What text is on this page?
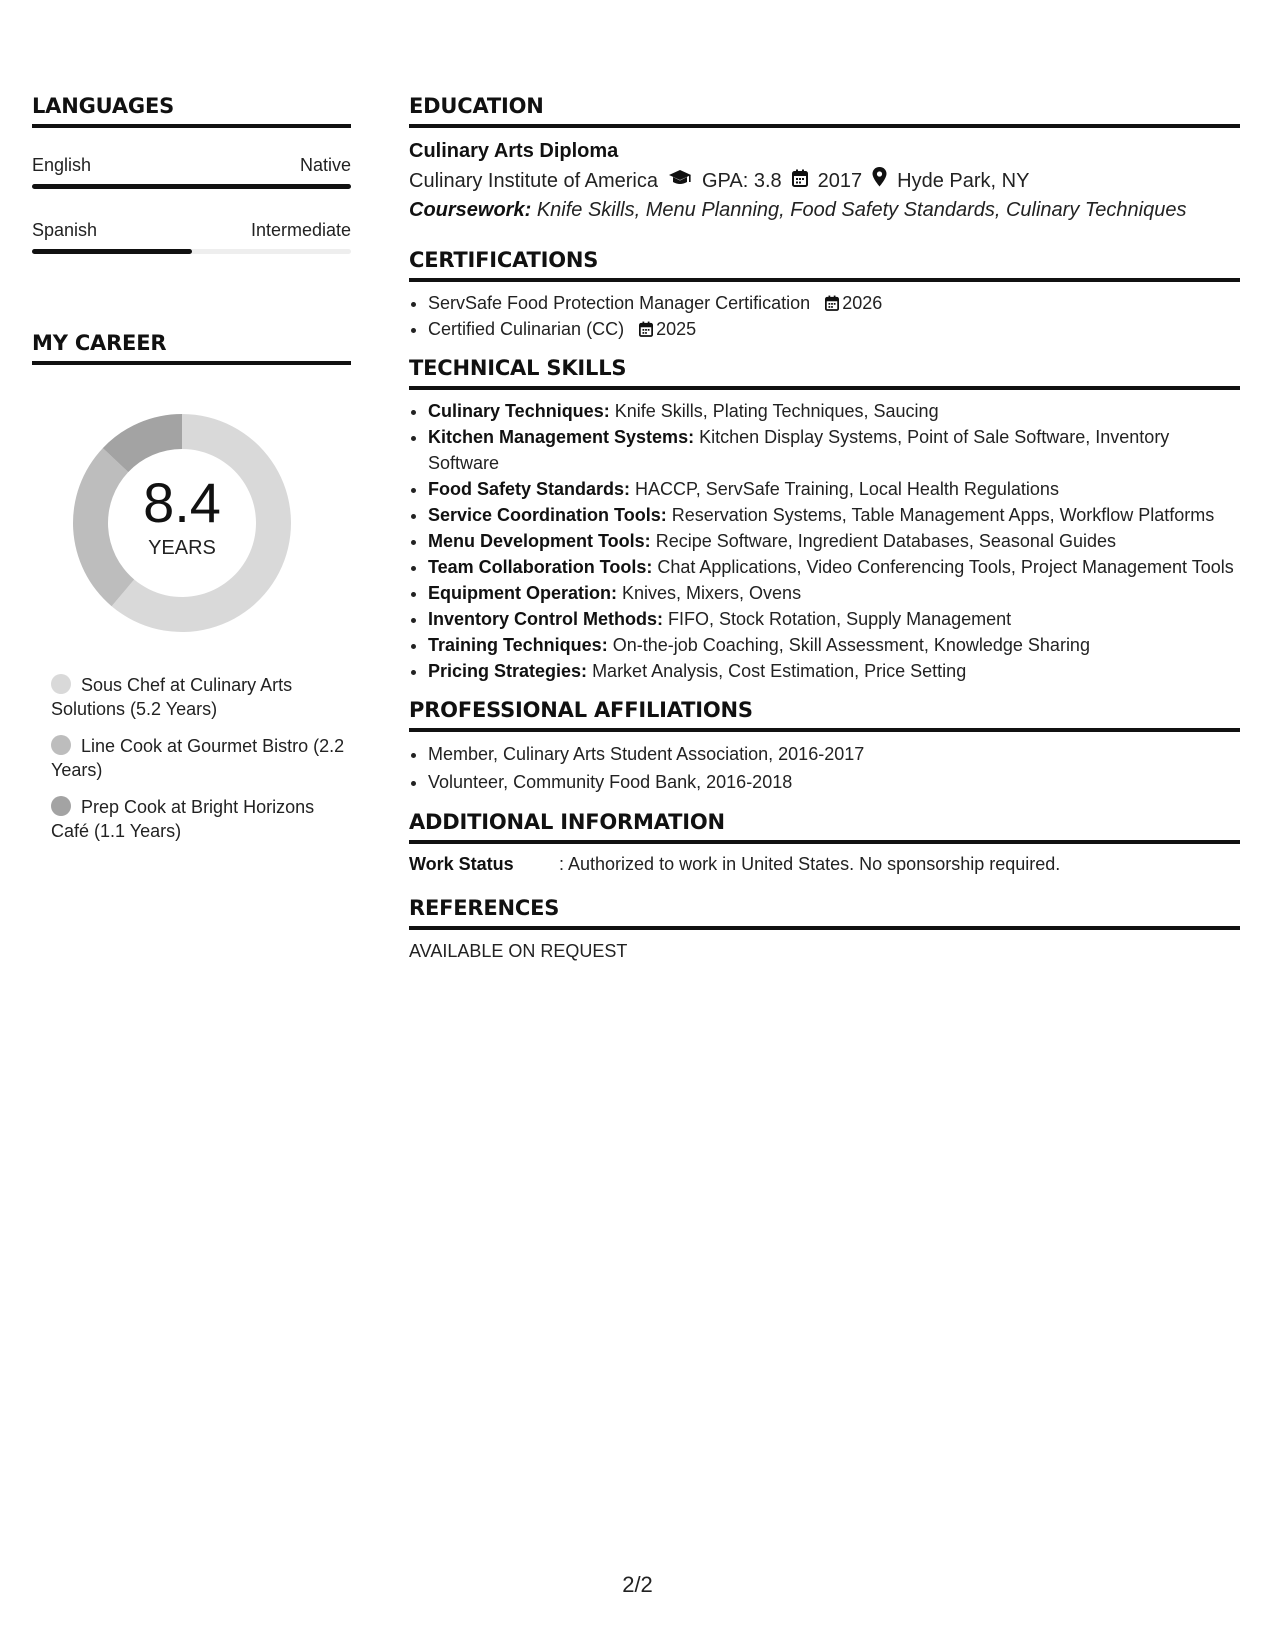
LANGUAGES
English	Native
Spanish	Intermediate
MY CAREER
8.4
YEARS
Sous Chef at Culinary Arts Solutions (5.2 Years)
Line Cook at Gourmet Bistro (2.2 Years)
Prep Cook at Bright Horizons Café (1.1 Years)
EDUCATION
Culinary Arts Diploma
Culinary Institute of America GPA: 3.8 2017 Hyde Park, NY
Coursework: Knife Skills, Menu Planning, Food Safety Standards, Culinary Techniques
CERTIFICATIONS
• ServSafe Food Protection Manager Certification 2026
• Certified Culinarian (CC) 2025
TECHNICAL SKILLS
• Culinary Techniques: Knife Skills, Plating Techniques, Saucing
• Kitchen Management Systems: Kitchen Display Systems, Point of Sale Software, Inventory Software
• Food Safety Standards: HACCP, ServSafe Training, Local Health Regulations
• Service Coordination Tools: Reservation Systems, Table Management Apps, Workflow Platforms
• Menu Development Tools: Recipe Software, Ingredient Databases, Seasonal Guides
• Team Collaboration Tools: Chat Applications, Video Conferencing Tools, Project Management Tools
• Equipment Operation: Knives, Mixers, Ovens
• Inventory Control Methods: FIFO, Stock Rotation, Supply Management
• Training Techniques: On-the-job Coaching, Skill Assessment, Knowledge Sharing
• Pricing Strategies: Market Analysis, Cost Estimation, Price Setting
PROFESSIONAL AFFILIATIONS
• Member, Culinary Arts Student Association, 2016-2017
• Volunteer, Community Food Bank, 2016-2018
ADDITIONAL INFORMATION
Work Status	: Authorized to work in United States. No sponsorship required.
REFERENCES
AVAILABLE ON REQUEST
2/2
